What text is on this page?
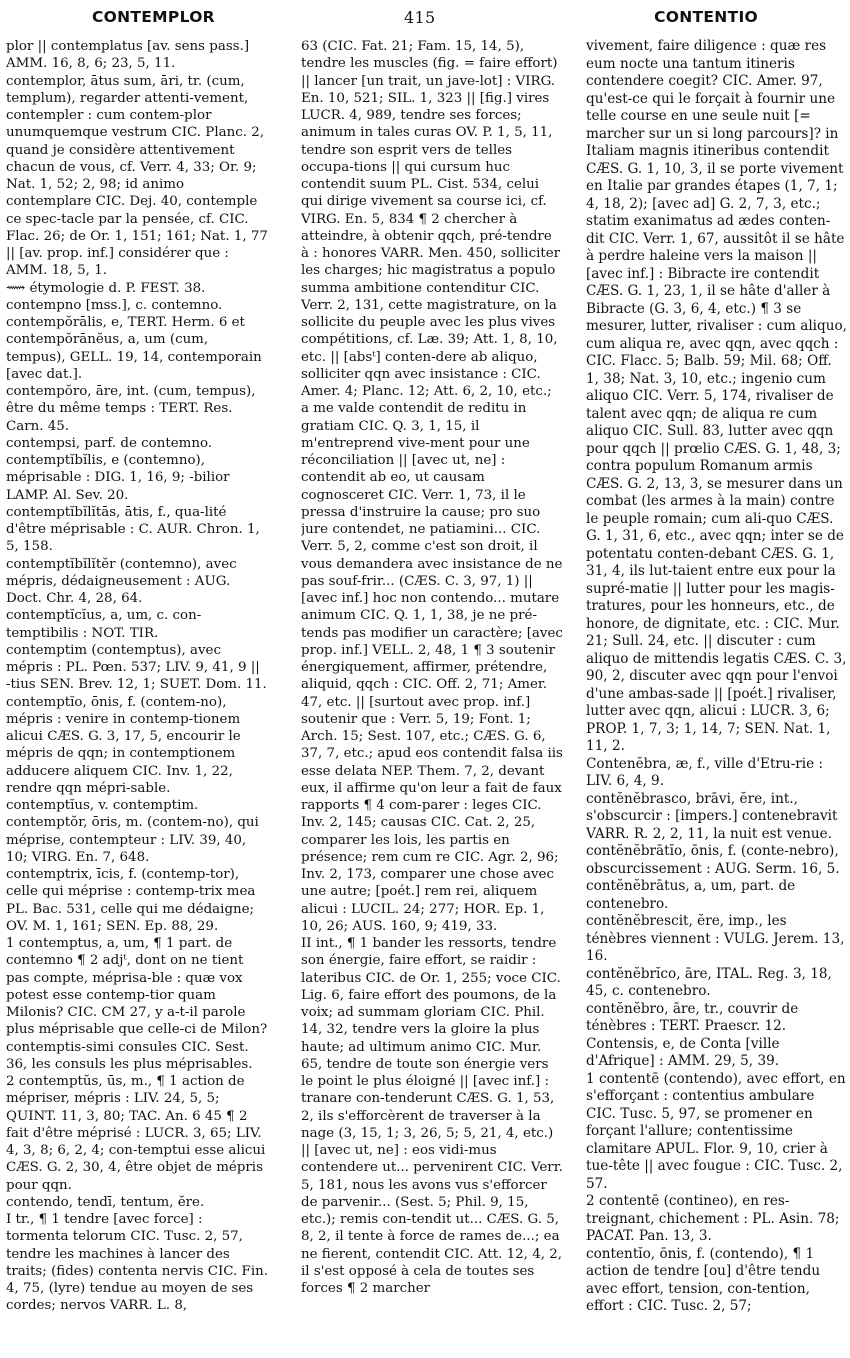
CONTEMPLOR	415	CONTENTIO

plor || contemplatus [av. sens pass.] AMM. 16, 8, 6; 23, 5, 11.
contemplor, ātus sum, āri, tr. (cum, templum), regarder attenti-vement, contempler : cum contem-plor unumquemque vestrum CIC. Planc. 2, quand je considère attentivement chacun de vous, cf. Verr. 4, 33; Or. 9; Nat. 1, 52; 2, 98; id animo contemplare CIC. Dej. 40, contemple ce spec-tacle par la pensée, cf. CIC. Flac. 26; de Or. 1, 151; 161; Nat. 1, 77 || [av. prop. inf.] considérer que : AMM. 18, 5, 1.
⟿ étymologie d. P. FEST. 38.
contempno [mss.], c. contemno.
contempŏrālis, e, TERT. Herm. 6 et contempŏrānĕus, a, um (cum, tempus), GELL. 19, 14, contemporain [avec dat.].
contempŏro, āre, int. (cum, tempus), être du même temps : TERT. Res. Carn. 45.
contempsi, parf. de contemno.
contemptĭbĭlis, e (contemno), méprisable : DIG. 1, 16, 9; -bilior LAMP. Al. Sev. 20.
contemptĭbĭlĭtās, ātis, f., qua-lité d'être méprisable : C. AUR. Chron. 1, 5, 158.
contemptĭbĭlĭtĕr (contemno), avec mépris, dédaigneusement : AUG. Doct. Chr. 4, 28, 64.
contemptĭcĭus, a, um, c. con-temptibilis : NOT. TIR.
contemptim (contemptus), avec mépris : PL. Pœn. 537; LIV. 9, 41, 9 || -tius SEN. Brev. 12, 1; SUET. Dom. 11.
contemptĭo, ōnis, f. (contem-no), mépris : venire in contemp-tionem alicui CÆS. G. 3, 17, 5, encourir le mépris de qqn; in contemptionem adducere aliquem CIC. Inv. 1, 22, rendre qqn mépri-sable.
contemptĭus, v. contemptim.
contemptŏr, ōris, m. (contem-no), qui méprise, contempteur : LIV. 39, 40, 10; VIRG. En. 7, 648.
contemptrix, īcis, f. (contemp-tor), celle qui méprise : contemp-trix mea PL. Bac. 531, celle qui me dédaigne; OV. M. 1, 161; SEN. Ep. 88, 29.
1 contemptus, a, um, ¶ 1 part. de contemno ¶ 2 adjᵗ, dont on ne tient pas compte, méprisa-ble : quæ vox potest esse contemp-tior quam Milonis? CIC. CM 27, y a-t-il parole plus méprisable que celle-ci de Milon? contemptis-simi consules CIC. Sest. 36, les consuls les plus méprisables.
2 contemptŭs, ūs, m., ¶ 1 action de mépriser, mépris : LIV. 24, 5, 5; QUINT. 11, 3, 80; TAC. An. 6 45 ¶ 2 fait d'être méprisé : LUCR. 3, 65; LIV. 4, 3, 8; 6, 2, 4; con-temptui esse alicui CÆS. G. 2, 30, 4, être objet de mépris pour qqn.
contendo, tendī, tentum, ĕre.
I tr., ¶ 1 tendre [avec force] : tormenta telorum CIC. Tusc. 2, 57, tendre les machines à lancer des traits; (fides) contenta nervis CIC. Fin. 4, 75, (lyre) tendue au moyen de ses cordes; nervos VARR. L. 8,

63 (CIC. Fat. 21; Fam. 15, 14, 5), tendre les muscles (fig. = faire effort) || lancer [un trait, un jave-lot] : VIRG. En. 10, 521; SIL. 1, 323 || [fig.] vires LUCR. 4, 989, tendre ses forces; animum in tales curas OV. P. 1, 5, 11, tendre son esprit vers de telles occupa-tions || qui cursum huc contendit suum PL. Cist. 534, celui qui dirige vivement sa course ici, cf. VIRG. En. 5, 834 ¶ 2 chercher à atteindre, à obtenir qqch, pré-tendre à : honores VARR. Men. 450, solliciter les charges; hic magistratus a populo summa ambitione contenditur CIC. Verr. 2, 131, cette magistrature, on la sollicite du peuple avec les plus vives compétitions, cf. Læ. 39; Att. 1, 8, 10, etc. || [absᵗ] conten-dere ab aliquo, solliciter qqn avec insistance : CIC. Amer. 4; Planc. 12; Att. 6, 2, 10, etc.; a me valde contendit de reditu in gratiam CIC. Q. 3, 1, 15, il m'entreprend vive-ment pour une réconciliation || [avec ut, ne] : contendit ab eo, ut causam cognosceret CIC. Verr. 1, 73, il le pressa d'instruire la cause; pro suo jure contendet, ne patiamini... CIC. Verr. 5, 2, comme c'est son droit, il vous demandera avec insistance de ne pas souf-frir... (CÆS. C. 3, 97, 1) || [avec inf.] hoc non contendo... mutare animum CIC. Q. 1, 1, 38, je ne pré-tends pas modifier un caractère; [avec prop. inf.] VELL. 2, 48, 1 ¶ 3 soutenir énergiquement, affirmer, prétendre, aliquid, qqch : CIC. Off. 2, 71; Amer. 47, etc. || [surtout avec prop. inf.] soutenir que : Verr. 5, 19; Font. 1; Arch. 15; Sest. 107, etc.; CÆS. G. 6, 37, 7, etc.; apud eos contendit falsa iis esse delata NEP. Them. 7, 2, devant eux, il affirme qu'on leur a fait de faux rapports ¶ 4 com-parer : leges CIC. Inv. 2, 145; causas CIC. Cat. 2, 25, comparer les lois, les partis en présence; rem cum re CIC. Agr. 2, 96; Inv. 2, 173, comparer une chose avec une autre; [poét.] rem rei, aliquem alicui : LUCIL. 24; 277; HOR. Ep. 1, 10, 26; AUS. 160, 9; 419, 33.
II int., ¶ 1 bander les ressorts, tendre son énergie, faire effort, se raidir : lateribus CIC. de Or. 1, 255; voce CIC. Lig. 6, faire effort des poumons, de la voix; ad summam gloriam CIC. Phil. 14, 32, tendre vers la gloire la plus haute; ad ultimum animo CIC. Mur. 65, tendre de toute son énergie vers le point le plus éloigné || [avec inf.] : tranare con-tenderunt CÆS. G. 1, 53, 2, ils s'efforcèrent de traverser à la nage (3, 15, 1; 3, 26, 5; 5, 21, 4, etc.) || [avec ut, ne] : eos vidi-mus contendere ut... pervenirent CIC. Verr. 5, 181, nous les avons vus s'efforcer de parvenir... (Sest. 5; Phil. 9, 15, etc.); remis con-tendit ut... CÆS. G. 5, 8, 2, il tente à force de rames de...; ea ne fierent, contendit CIC. Att. 12, 4, 2, il s'est opposé à cela de toutes ses forces ¶ 2 marcher

vivement, faire diligence : quæ res eum nocte una tantum itineris contendere coegit? CIC. Amer. 97, qu'est-ce qui le forçait à fournir une telle course en une seule nuit [= marcher sur un si long parcours]? in Italiam magnis itineribus contendit CÆS. G. 1, 10, 3, il se porte vivement en Italie par grandes étapes (1, 7, 1; 4, 18, 2); [avec ad] G. 2, 7, 3, etc.; statim exanimatus ad ædes conten-dit CIC. Verr. 1, 67, aussitôt il se hâte à perdre haleine vers la maison || [avec inf.] : Bibracte ire contendit CÆS. G. 1, 23, 1, il se hâte d'aller à Bibracte (G. 3, 6, 4, etc.) ¶ 3 se mesurer, lutter, rivaliser : cum aliquo, cum aliqua re, avec qqn, avec qqch : CIC. Flacc. 5; Balb. 59; Mil. 68; Off. 1, 38; Nat. 3, 10, etc.; ingenio cum aliquo CIC. Verr. 5, 174, rivaliser de talent avec qqn; de aliqua re cum aliquo CIC. Sull. 83, lutter avec qqn pour qqch || prœlio CÆS. G. 1, 48, 3; contra populum Romanum armis CÆS. G. 2, 13, 3, se mesurer dans un combat (les armes à la main) contre le peuple romain; cum ali-quo CÆS. G. 1, 31, 6, etc., avec qqn; inter se de potentatu conten-debant CÆS. G. 1, 31, 4, ils lut-taient entre eux pour la supré-matie || lutter pour les magis-tratures, pour les honneurs, etc., de honore, de dignitate, etc. : CIC. Mur. 21; Sull. 24, etc. || discuter : cum aliquo de mittendis legatis CÆS. C. 3, 90, 2, discuter avec qqn pour l'envoi d'une ambas-sade || [poét.] rivaliser, lutter avec qqn, alicui : LUCR. 3, 6; PROP. 1, 7, 3; 1, 14, 7; SEN. Nat. 1, 11, 2.
Contenĕbra, æ, f., ville d'Etru-rie : LIV. 6, 4, 9.
contĕnĕbrasco, brāvi, ĕre, int., s'obscurcir : [impers.] contenebravit VARR. R. 2, 2, 11, la nuit est venue.
contĕnĕbrātĭo, ōnis, f. (conte-nebro), obscurcissement : AUG. Serm. 16, 5.
contĕnĕbrātus, a, um, part. de contenebro.
contĕnĕbrescit, ĕre, imp., les ténèbres viennent : VULG. Jerem. 13, 16.
contĕnĕbrĭco, āre, ITAL. Reg. 3, 18, 45, c. contenebro.
contĕnĕbro, āre, tr., couvrir de ténèbres : TERT. Praescr. 12.
Contensis, e, de Conta [ville d'Afrique] : AMM. 29, 5, 39.
1 contentē (contendo), avec effort, en s'efforçant : contentius ambulare CIC. Tusc. 5, 97, se promener en forçant l'allure; contentissime clamitare APUL. Flor. 9, 10, crier à tue-tête || avec fougue : CIC. Tusc. 2, 57.
2 contentē (contineo), en res-treignant, chichement : PL. Asin. 78; PACAT. Pan. 13, 3.
contentĭo, ōnis, f. (contendo), ¶ 1 action de tendre [ou] d'être tendu avec effort, tension, con-tention, effort : CIC. Tusc. 2, 57;
